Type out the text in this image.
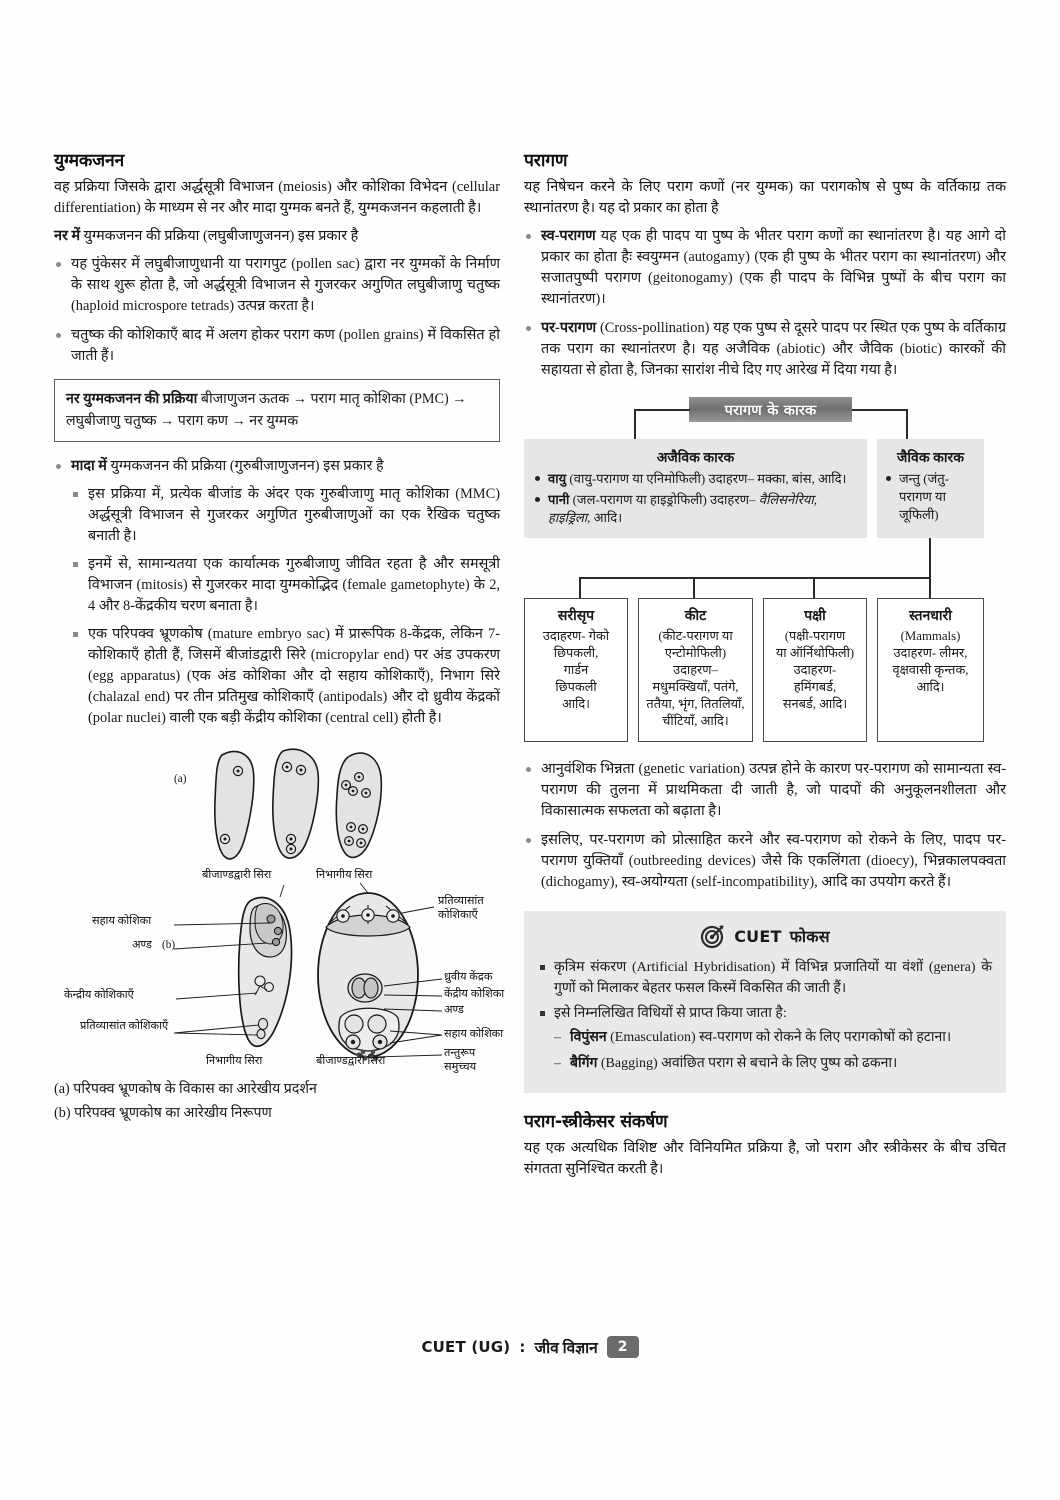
युग्मकजनन

वह प्रक्रिया जिसके द्वारा अर्द्धसूत्री विभाजन (meiosis) और कोशिका विभेदन (cellular differentiation) के माध्यम से नर और मादा युग्मक बनते हैं, युग्मकजनन कहलाती है।

नर में युग्मकजनन की प्रक्रिया (लघुबीजाणुजनन) इस प्रकार है

यह पुंकेसर में लघुबीजाणुधानी या परागपुट (pollen sac) द्वारा नर युग्मकों के निर्माण के साथ शुरू होता है, जो अर्द्धसूत्री विभाजन से गुजरकर अगुणित लघुबीजाणु चतुष्क (haploid microspore tetrads) उत्पन्न करता है।
चतुष्क की कोशिकाएँ बाद में अलग होकर पराग कण (pollen grains) में विकसित हो जाती हैं।
नर युग्मकजनन की प्रक्रिया बीजाणुजन ऊतक → पराग मातृ कोशिका (PMC) → लघुबीजाणु चतुष्क → पराग कण → नर युग्मक
मादा में युग्मकजनन की प्रक्रिया (गुरुबीजाणुजनन) इस प्रकार है
इस प्रक्रिया में, प्रत्येक बीजांड के अंदर एक गुरुबीजाणु मातृ कोशिका (MMC) अर्द्धसूत्री विभाजन से गुजरकर अगुणित गुरुबीजाणुओं का एक रैखिक चतुष्क बनाती है।
इनमें से, सामान्यतया एक कार्यात्मक गुरुबीजाणु जीवित रहता है और समसूत्री विभाजन (mitosis) से गुजरकर मादा युग्मकोद्भिद (female gametophyte) के 2, 4 और 8-केंद्रकीय चरण बनाता है।
एक परिपक्व भ्रूणकोष (mature embryo sac) में प्रारूपिक 8-केंद्रक, लेकिन 7-कोशिकाएँ होती हैं, जिसमें बीजांडद्वारी सिरे (micropylar end) पर अंड उपकरण (egg apparatus) (एक अंड कोशिका और दो सहाय कोशिकाएँ), निभाग सिरे (chalazal end) पर तीन प्रतिमुख कोशिकाएँ (antipodals) और दो ध्रुवीय केंद्रकों (polar nuclei) वाली एक बड़ी केंद्रीय कोशिका (central cell) होती है।
(a)
(b)
बीजाण्डद्वारी सिरा	निभागीय सिरा
सहाय कोशिका
अण्ड
केन्द्रीय कोशिकाएँ
प्रतिव्यासांत कोशिकाएँ
निभागीय सिरा
प्रतिव्यासांत कोशिकाएँ
ध्रुवीय केंद्रक
केंद्रीय कोशिका
अण्ड
सहाय कोशिका
तन्तुरूप समुच्चय
बीजाण्डद्वारी सिरा

(a) परिपक्व भ्रूणकोष के विकास का आरेखीय प्रदर्शन

(b) परिपक्व भ्रूणकोष का आरेखीय निरूपण

परागण

यह निषेचन करने के लिए पराग कणों (नर युग्मक) का परागकोष से पुष्प के वर्तिकाग्र तक स्थानांतरण है। यह दो प्रकार का होता है

स्व-परागण यह एक ही पादप या पुष्प के भीतर पराग कणों का स्थानांतरण है। यह आगे दो प्रकार का होता हैः स्वयुग्मन (autogamy) (एक ही पुष्प के भीतर पराग का स्थानांतरण) और सजातपुष्पी परागण (geitonogamy) (एक ही पादप के विभिन्न पुष्पों के बीच पराग का स्थानांतरण)।
पर-परागण (Cross-pollination) यह एक पुष्प से दूसरे पादप पर स्थित एक पुष्प के वर्तिकाग्र तक पराग का स्थानांतरण है। यह अजैविक (abiotic) और जैविक (biotic) कारकों की सहायता से होता है, जिनका सारांश नीचे दिए गए आरेख में दिया गया है।
परागण के कारक
अजैविक कारक
वायु (वायु-परागण या एनिमोफिली) उदाहरण– मक्का, बांस, आदि।
पानी (जल-परागण या हाइड्रोफिली) उदाहरण– वैलिसनेरिया, हाइड्रिला, आदि।
जैविक कारक
जन्तु (जंतु-परागण या जूफिली)
सरीसृप
उदाहरण- गेको
छिपकली,
गार्डन
छिपकली
आदि।
कीट
(कीट-परागण या
एन्टोमोफिली)
उदाहरण–
मधुमक्खियाँ, पतंगे,
ततैया, भृंग, तितलियाँ,
चींटियाँ, आदि।
पक्षी
(पक्षी-परागण
या ऑर्निथोफिली)
उदाहरण-
हमिंगबर्ड,
सनबर्ड, आदि।
स्तनधारी
(Mammals)
उदाहरण- लीमर,
वृक्षवासी कृन्तक,
आदि।
आनुवंशिक भिन्नता (genetic variation) उत्पन्न होने के कारण पर-परागण को सामान्यता स्व-परागण की तुलना में प्राथमिकता दी जाती है, जो पादपों की अनुकूलनशीलता और विकासात्मक सफलता को बढ़ाता है।
इसलिए, पर-परागण को प्रोत्साहित करने और स्व-परागण को रोकने के लिए, पादप पर-परागण युक्तियाँ (outbreeding devices) जैसे कि एकलिंगता (dioecy), भिन्नकालपक्वता (dichogamy), स्व-अयोग्यता (self-incompatibility), आदि का उपयोग करते हैं।
CUET फोकस
कृत्रिम संकरण (Artificial Hybridisation) में विभिन्न प्रजातियों या वंशों (genera) के गुणों को मिलाकर बेहतर फसल किस्में विकसित की जाती हैं।
इसे निम्नलिखित विधियों से प्राप्त किया जाता है:
– विपुंसन (Emasculation) स्व-परागण को रोकने के लिए परागकोषों को हटाना।
– बैगिंग (Bagging) अवांछित पराग से बचाने के लिए पुष्प को ढकना।
पराग-स्त्रीकेसर संकर्षण

यह एक अत्यधिक विशिष्ट और विनियमित प्रक्रिया है, जो पराग और स्त्रीकेसर के बीच उचित संगतता सुनिश्चित करती है।

CUET (UG) : जीव विज्ञान	2
